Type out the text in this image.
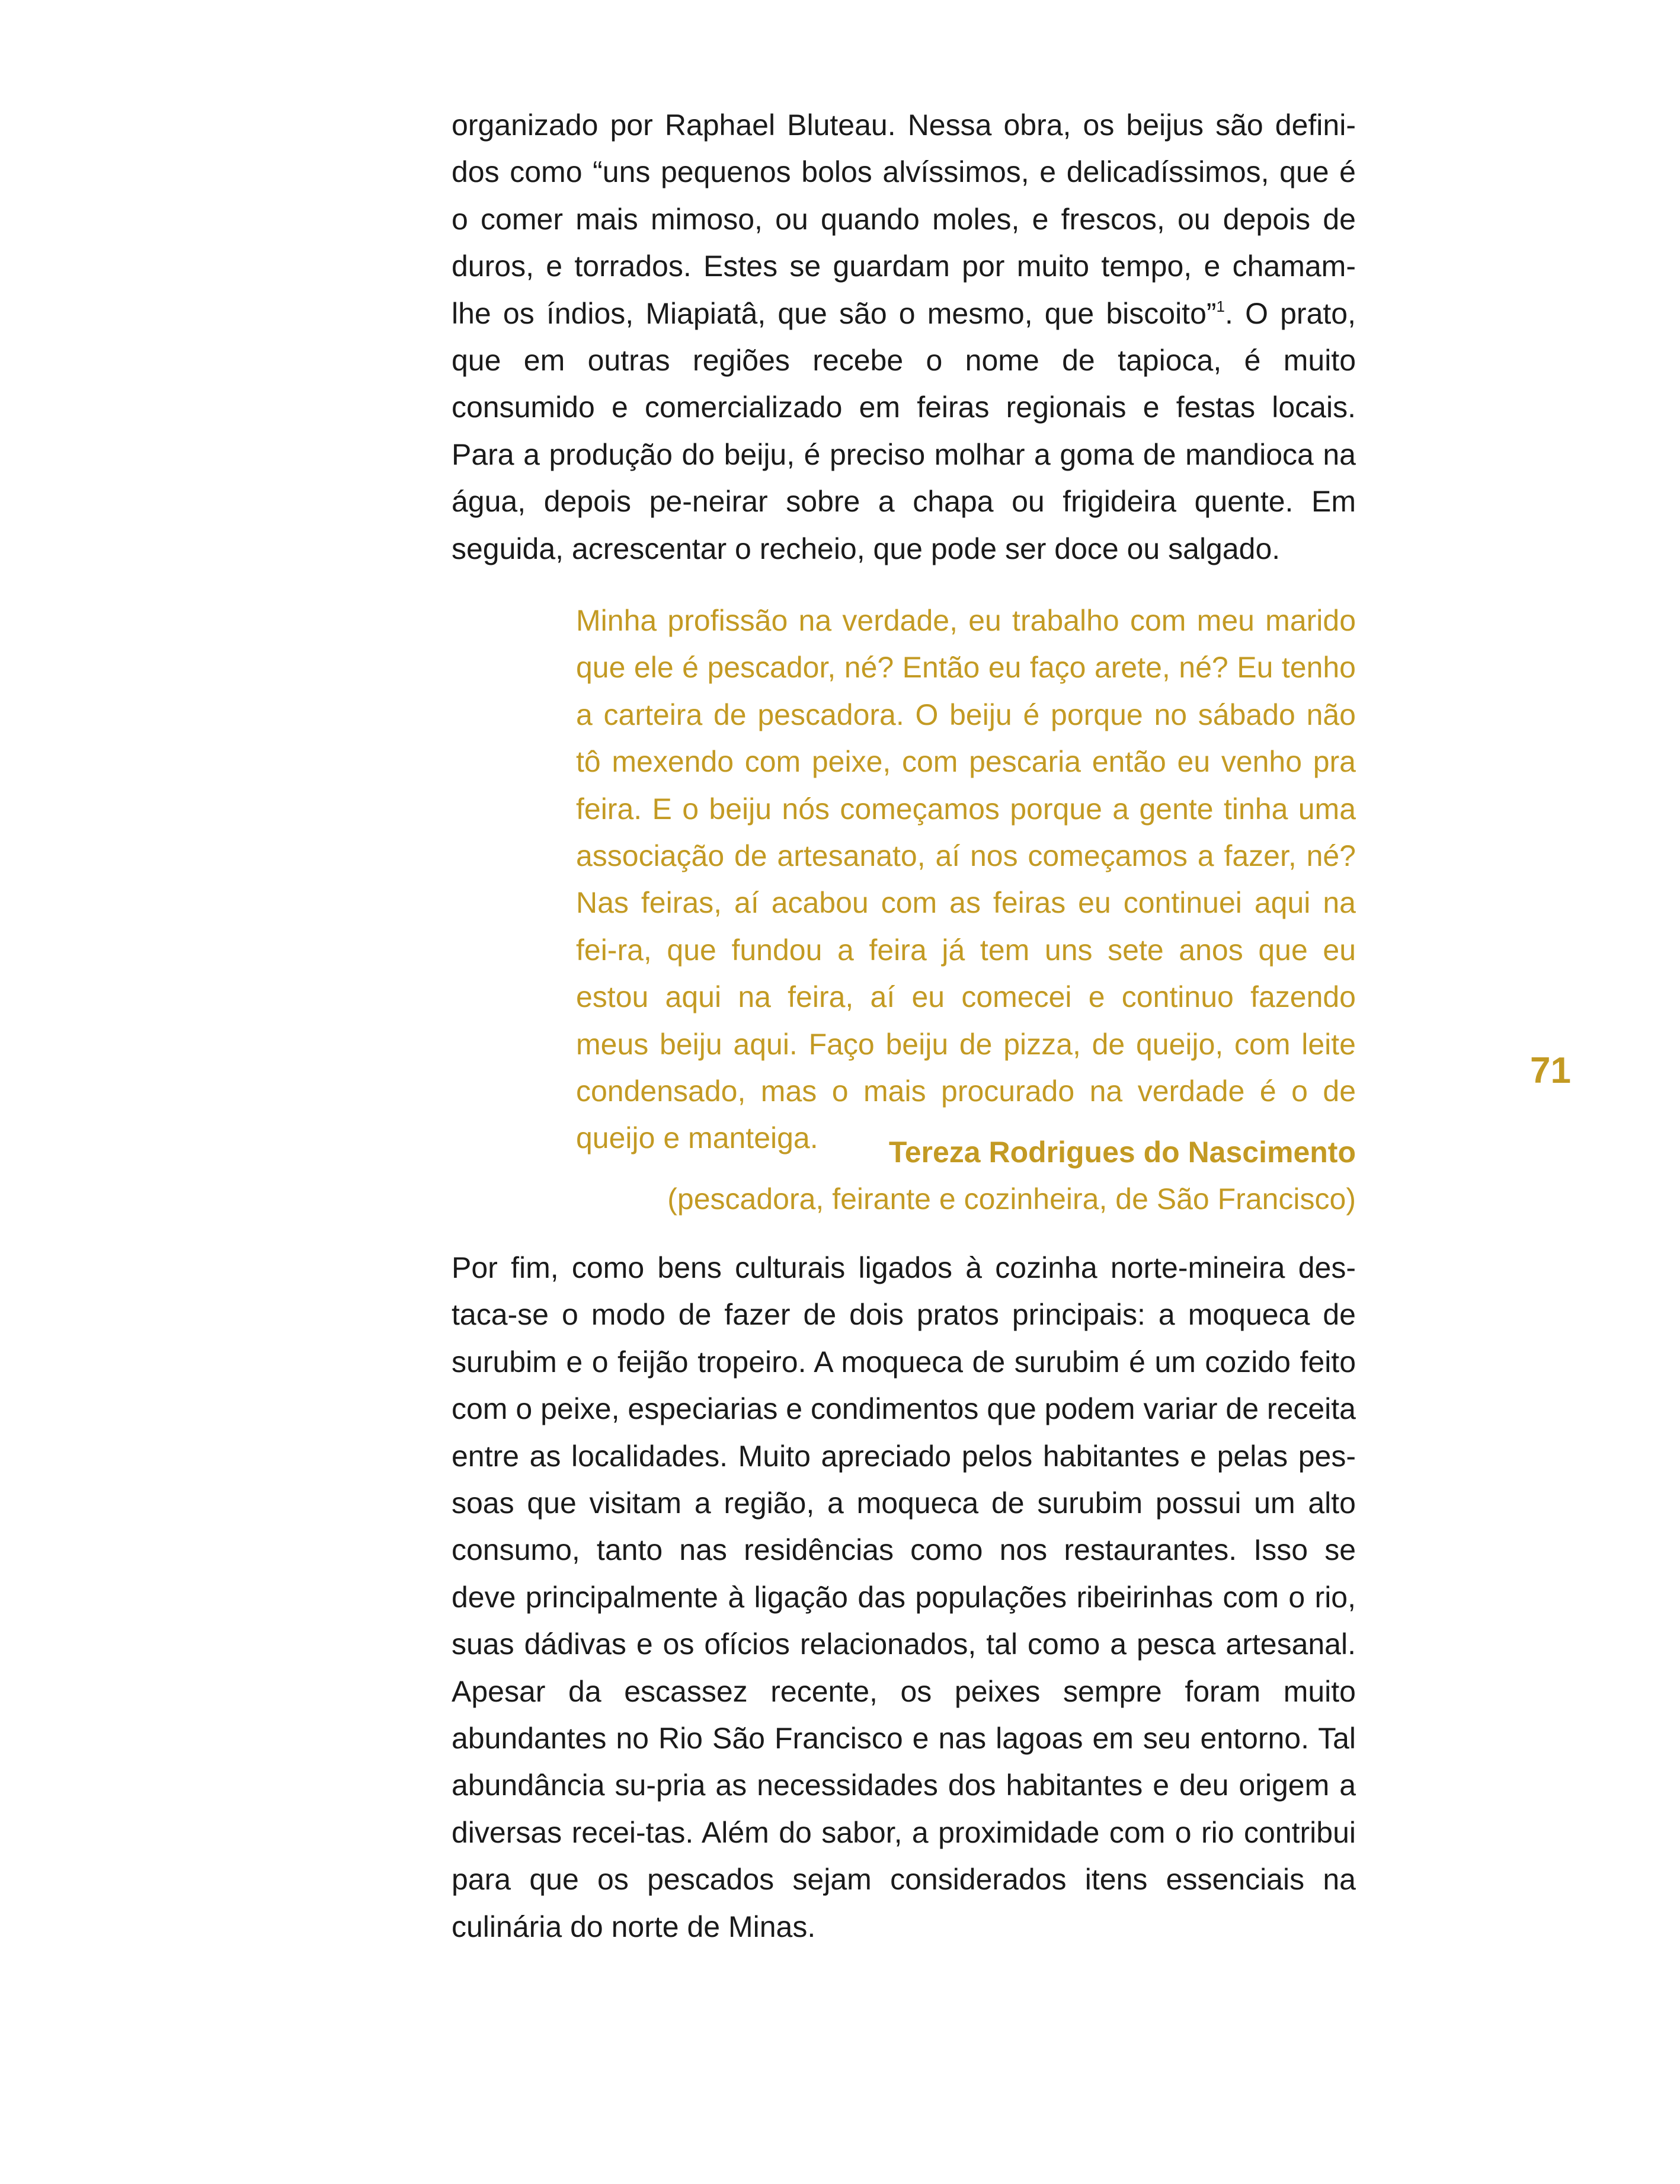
organizado por Raphael Bluteau. Nessa obra, os beijus são defini-dos como “uns pequenos bolos alvíssimos, e delicadíssimos, que é o comer mais mimoso, ou quando moles, e frescos, ou depois de duros, e torrados. Estes se guardam por muito tempo, e chamam-lhe os índios, Miapiatâ, que são o mesmo, que biscoito”$^1$. O prato, que em outras regiões recebe o nome de tapioca, é muito consumido e comercializado em feiras regionais e festas locais. Para a produção do beiju, é preciso molhar a goma de mandioca na água, depois pe-neirar sobre a chapa ou frigideira quente. Em seguida, acrescentar o recheio, que pode ser doce ou salgado.

Minha profissão na verdade, eu trabalho com meu marido que ele é pescador, né? Então eu faço arete, né? Eu tenho a carteira de pescadora. O beiju é porque no sábado não tô mexendo com peixe, com pescaria então eu venho pra feira. E o beiju nós começamos porque a gente tinha uma associação de artesanato, aí nos começamos a fazer, né? Nas feiras, aí acabou com as feiras eu continuei aqui na fei-ra, que fundou a feira já tem uns sete anos que eu estou aqui na feira, aí eu comecei e continuo fazendo meus beiju aqui. Faço beiju de pizza, de queijo, com leite condensado, mas o mais procurado na verdade é o de queijo e manteiga.	Tereza Rodrigues do Nascimento

(pescadora, feirante e cozinheira, de São Francisco)

Por fim, como bens culturais ligados à cozinha norte-mineira des-taca-se o modo de fazer de dois pratos principais: a moqueca de surubim e o feijão tropeiro. A moqueca de surubim é um cozido feito com o peixe, especiarias e condimentos que podem variar de receita entre as localidades. Muito apreciado pelos habitantes e pelas pes-soas que visitam a região, a moqueca de surubim possui um alto consumo, tanto nas residências como nos restaurantes. Isso se deve principalmente à ligação das populações ribeirinhas com o rio, suas dádivas e os ofícios relacionados, tal como a pesca artesanal. Apesar da escassez recente, os peixes sempre foram muito abundantes no Rio São Francisco e nas lagoas em seu entorno. Tal abundância su-pria as necessidades dos habitantes e deu origem a diversas recei-tas. Além do sabor, a proximidade com o rio contribui para que os pescados sejam considerados itens essenciais na culinária do norte de Minas.

71
